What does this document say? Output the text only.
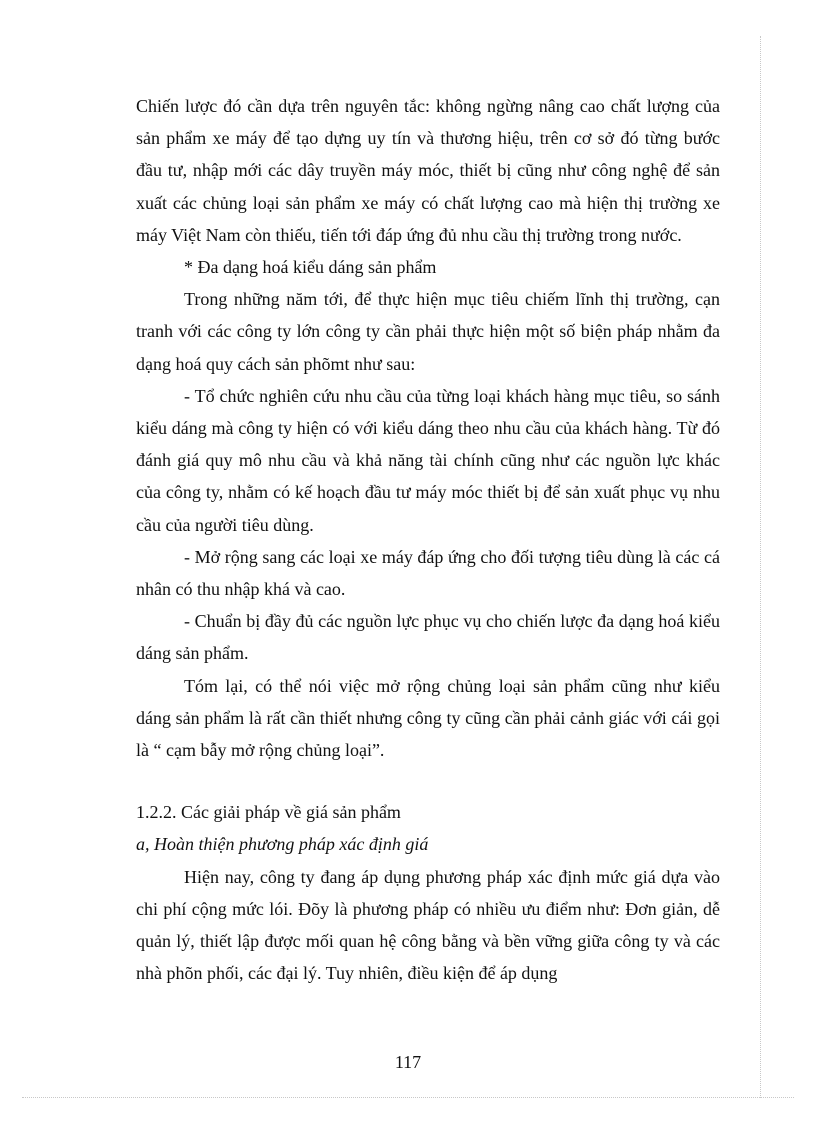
Chiến lược đó cần dựa trên nguyên tắc: không ngừng nâng cao chất lượng của sản phẩm xe máy để tạo dựng uy tín và thương hiệu, trên cơ sở đó từng bước đầu tư, nhập mới các dây truyền máy móc, thiết bị cũng như công nghệ để sản xuất các chủng loại sản phẩm xe máy có chất lượng cao mà hiện thị trường xe máy Việt Nam còn thiếu, tiến tới đáp ứng đủ nhu cầu thị trường trong nước.

* Đa dạng hoá kiểu dáng sản phẩm

Trong những năm tới, để thực hiện mục tiêu chiếm lĩnh thị trường, cạn tranh với các công ty lớn công ty cần phải thực hiện một số biện pháp nhằm đa dạng hoá quy cách sản phõmt như sau:

- Tổ chức nghiên cứu nhu cầu của từng loại khách hàng mục tiêu, so sánh kiểu dáng mà công ty hiện có với kiểu dáng theo nhu cầu của khách hàng. Từ đó đánh giá quy mô nhu cầu và khả năng tài chính cũng như các nguồn lực khác của công ty, nhằm có kế hoạch đầu tư máy móc thiết bị để sản xuất phục vụ nhu cầu của người tiêu dùng.

- Mở rộng sang các loại xe máy đáp ứng cho đối tượng tiêu dùng là các cá nhân có thu nhập khá và cao.

- Chuẩn bị đầy đủ các nguồn lực phục vụ cho chiến lược đa dạng hoá kiểu dáng sản phẩm.

Tóm lại, có thể nói việc mở rộng chủng loại sản phẩm cũng như kiểu dáng sản phẩm là rất cần thiết nhưng công ty cũng cần phải cảnh giác với cái gọi là “ cạm bẫy mở rộng chủng loại”.

1.2.2. Các giải pháp về giá sản phẩm

a, Hoàn thiện phương pháp xác định giá

Hiện nay, công ty đang áp dụng phương pháp xác định mức giá dựa vào chi phí cộng mức lói. Đõy là phương pháp có nhiều ưu điểm như: Đơn giản, dễ quản lý, thiết lập được mối quan hệ công bằng và bền vững giữa công ty và các nhà phõn phối, các đại lý. Tuy nhiên, điều kiện để áp dụng

117
